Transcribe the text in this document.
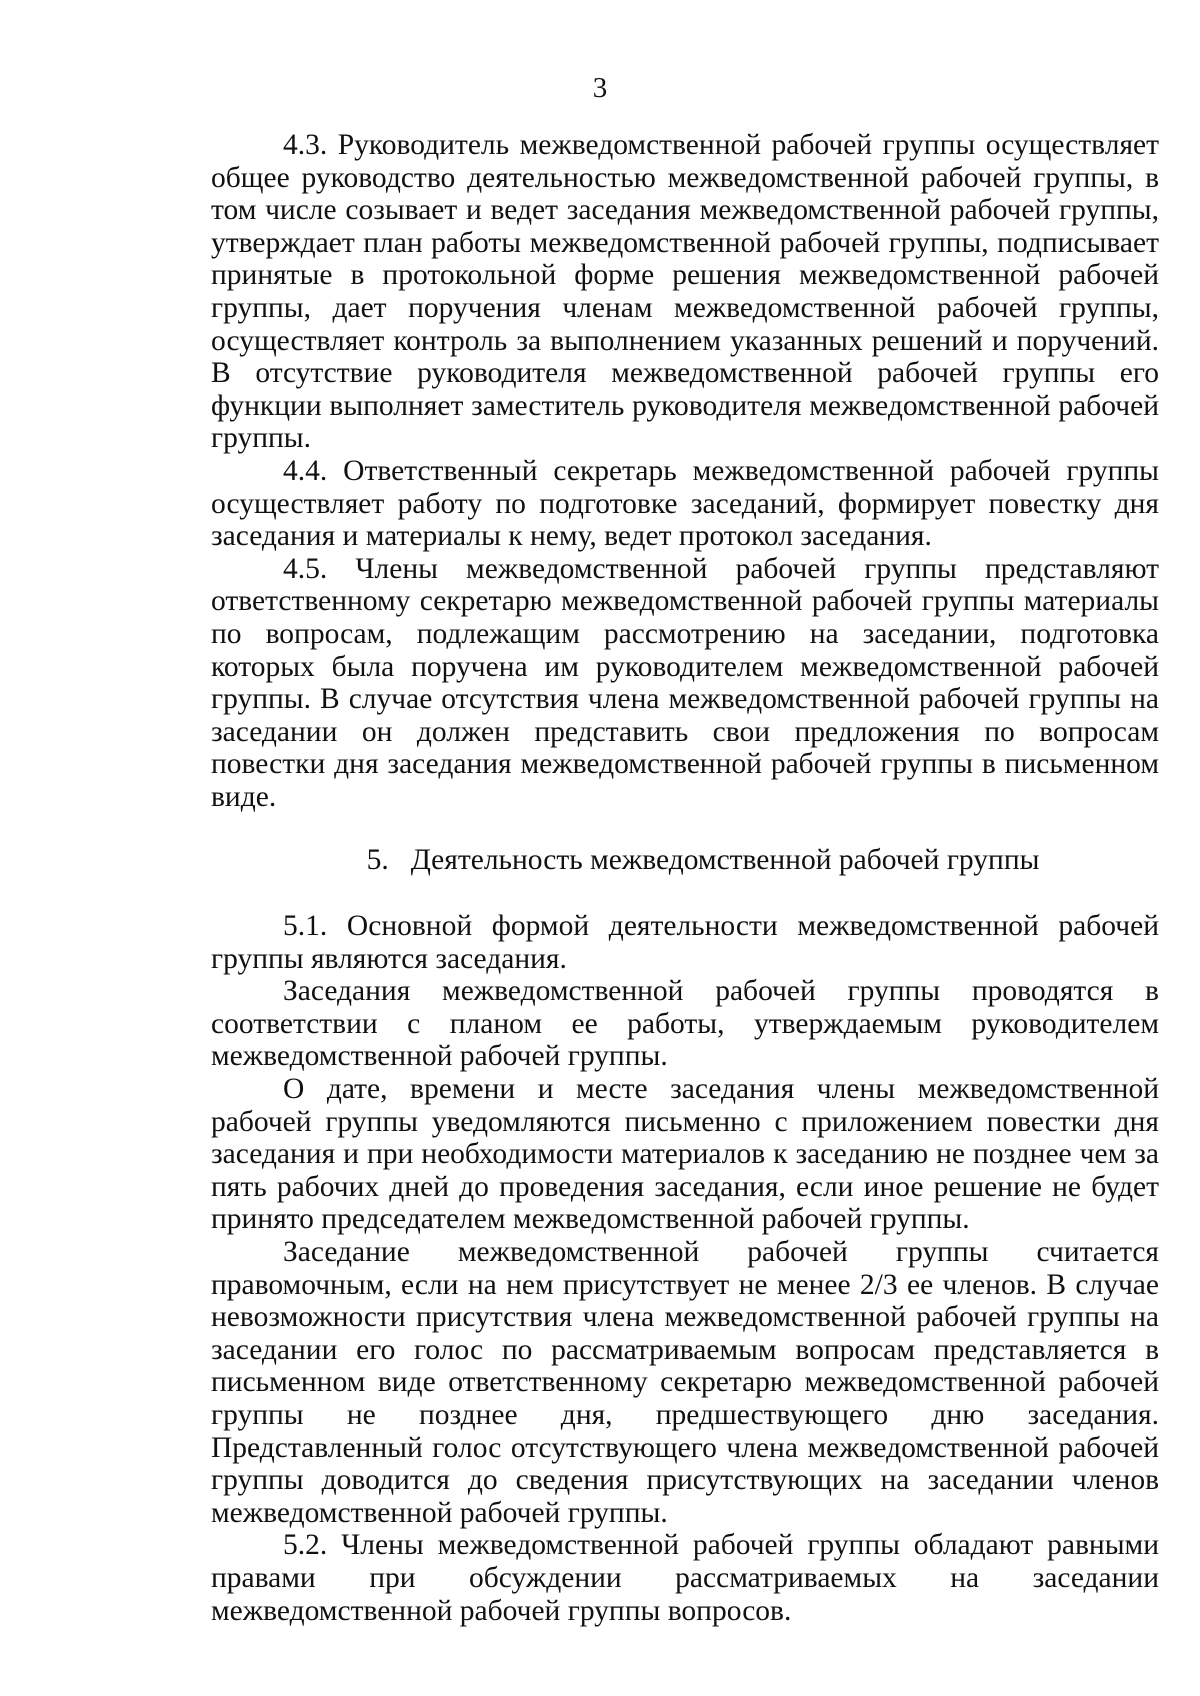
3

4.3. Руководитель межведомственной рабочей группы осуществляет общее руководство деятельностью межведомственной рабочей группы, в том числе созывает и ведет заседания межведомственной рабочей группы, утверждает план работы межведомственной рабочей группы, подписывает принятые в протокольной форме решения межведомственной рабочей группы, дает поручения членам межведомственной рабочей группы, осуществляет контроль за выполнением указанных решений и поручений. В отсутствие руководителя межведомственной рабочей группы его функции выполняет заместитель руководителя межведомственной рабочей группы.

4.4. Ответственный секретарь межведомственной рабочей группы осуществляет работу по подготовке заседаний, формирует повестку дня заседания и материалы к нему, ведет протокол заседания.

4.5. Члены межведомственной рабочей группы представляют ответственному секретарю межведомственной рабочей группы материалы по вопросам, подлежащим рассмотрению на заседании, подготовка которых была поручена им руководителем межведомственной рабочей группы. В случае отсутствия члена межведомственной рабочей группы на заседании он должен представить свои предложения по вопросам повестки дня заседания межведомственной рабочей группы в письменном виде.

5. Деятельность межведомственной рабочей группы

5.1. Основной формой деятельности межведомственной рабочей группы являются заседания.

Заседания межведомственной рабочей группы проводятся в соответствии с планом ее работы, утверждаемым руководителем межведомственной рабочей группы.

О дате, времени и месте заседания члены межведомственной рабочей группы уведомляются письменно с приложением повестки дня заседания и при необходимости материалов к заседанию не позднее чем за пять рабочих дней до проведения заседания, если иное решение не будет принято председателем межведомственной рабочей группы.

Заседание межведомственной рабочей группы считается правомочным, если на нем присутствует не менее 2/3 ее членов. В случае невозможности присутствия члена межведомственной рабочей группы на заседании его голос по рассматриваемым вопросам представляется в письменном виде ответственному секретарю межведомственной рабочей группы не позднее дня, предшествующего дню заседания. Представленный голос отсутствующего члена межведомственной рабочей группы доводится до сведения присутствующих на заседании членов межведомственной рабочей группы.

5.2. Члены межведомственной рабочей группы обладают равными правами при обсуждении рассматриваемых на заседании межведомственной рабочей группы вопросов.
